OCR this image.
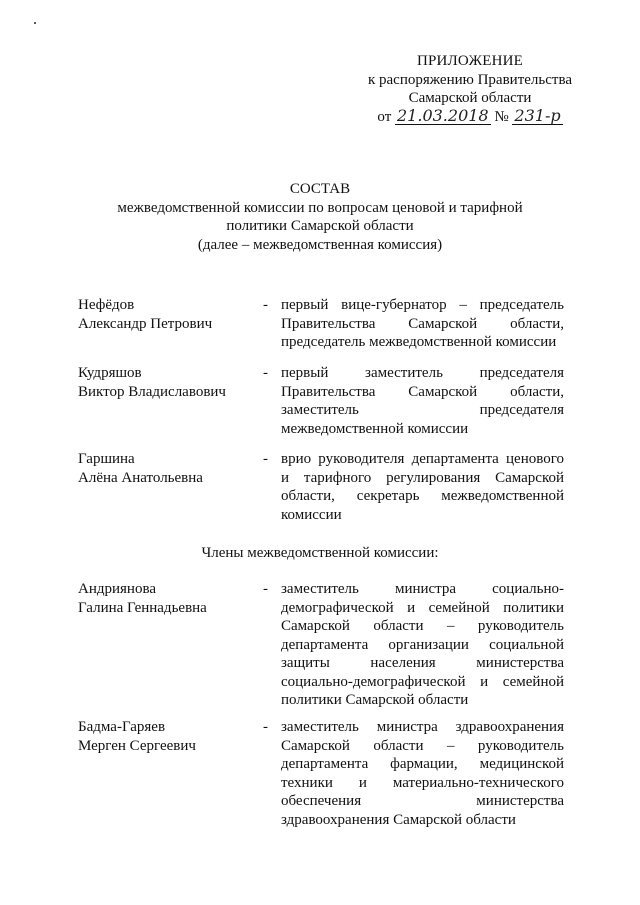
ПРИЛОЖЕНИЕ
к распоряжению Правительства
Самарской области
от 21.03.2018 № 231-р
СОСТАВ
межведомственной комиссии по вопросам ценовой и тарифной
политики Самарской области
(далее – межведомственная комиссия)
Нефёдов
Александр Петрович
- первый вице-губернатор – председатель Правительства Самарской области, председатель межведомственной комиссии
Кудряшов
Виктор Владиславович
- первый заместитель председателя Правительства Самарской области, заместитель председателя межведомственной комиссии
Гаршина
Алёна Анатольевна
- врио руководителя департамента ценового и тарифного регулирования Самарской области, секретарь межведомственной комиссии
Члены межведомственной комиссии:
Андриянова
Галина Геннадьевна
- заместитель министра социально-демографической и семейной политики Самарской области – руководитель департамента организации социальной защиты населения министерства социально-демографической и семейной политики Самарской области
Бадма-Гаряев
Мерген Сергеевич
- заместитель министра здравоохранения Самарской области – руководитель департамента фармации, медицинской техники и материально-технического обеспечения министерства здравоохранения Самарской области
